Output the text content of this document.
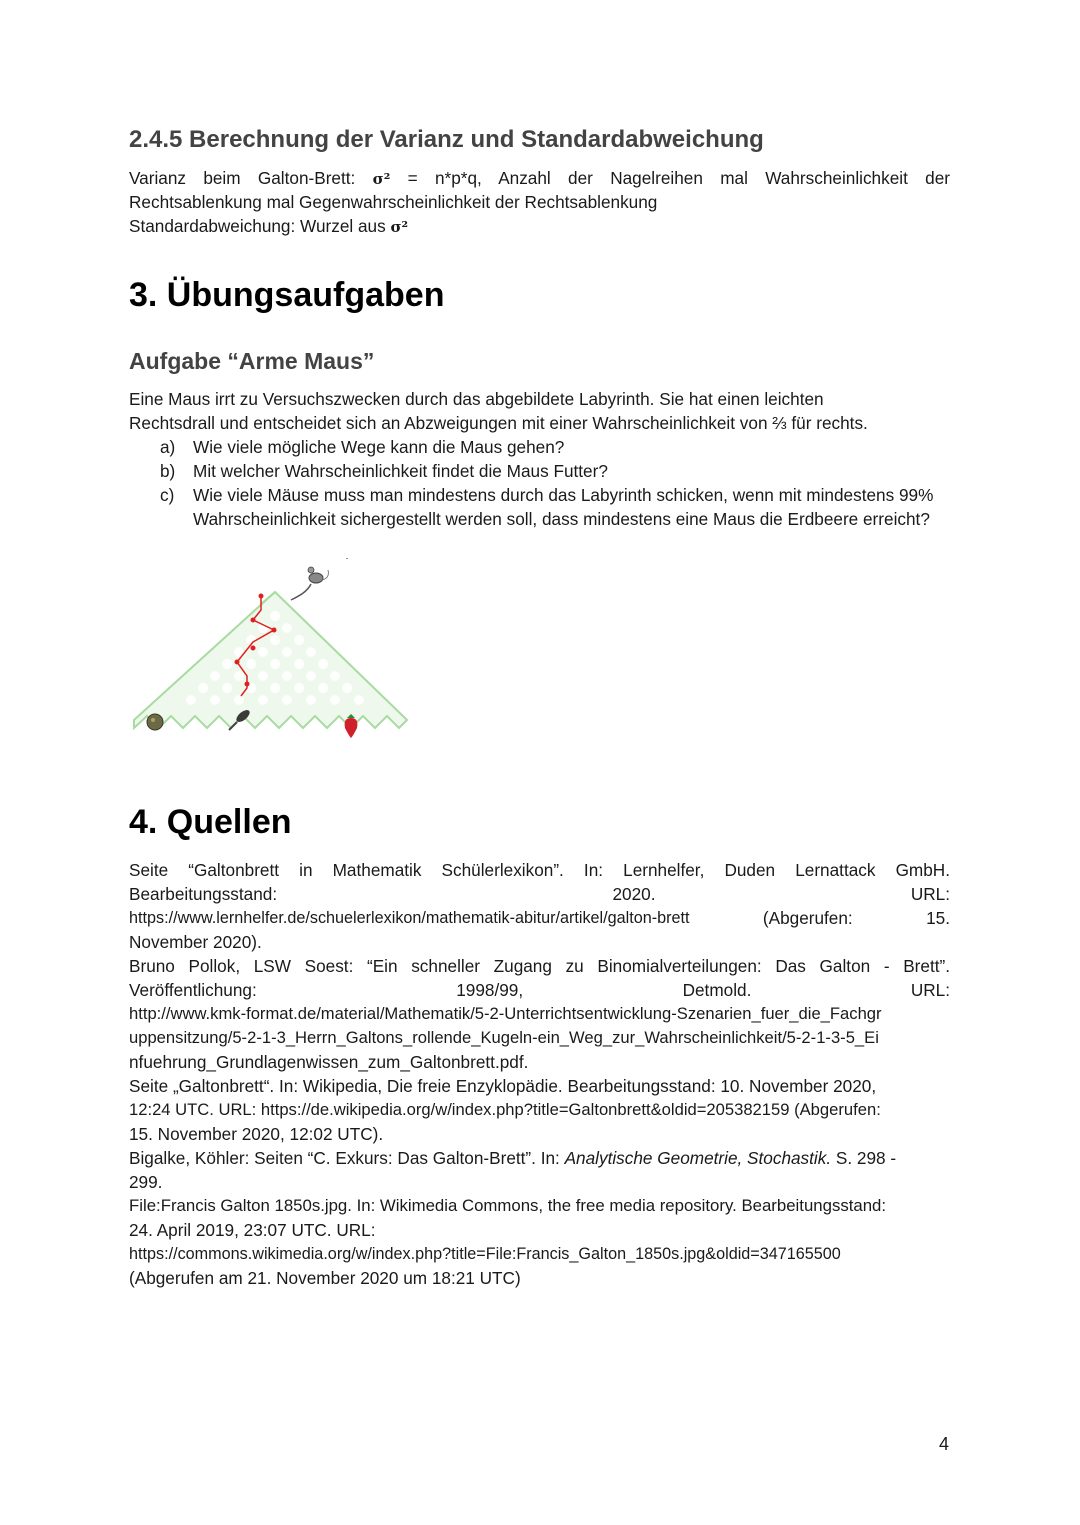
2.4.5 Berechnung der Varianz und Standardabweichung

Varianz beim Galton-Brett: σ² = n*p*q, Anzahl der Nagelreihen mal Wahrscheinlichkeit der

Rechtsablenkung mal Gegenwahrscheinlichkeit der Rechtsablenkung

Standardabweichung: Wurzel aus σ²

3. Übungsaufgaben
Aufgabe “Arme Maus”

Eine Maus irrt zu Versuchszwecken durch das abgebildete Labyrinth. Sie hat einen leichten

Rechtsdrall und entscheidet sich an Abzweigungen mit einer Wahrscheinlichkeit von ⅔ für rechts.

a) Wie viele mögliche Wege kann die Maus gehen?
b) Mit welcher Wahrscheinlichkeit findet die Maus Futter?
c) Wie viele Mäuse muss man mindestens durch das Labyrinth schicken, wenn mit mindestens 99% Wahrscheinlichkeit sichergestellt werden soll, dass mindestens eine Maus die Erdbeere erreicht?
4. Quellen
Seite “Galtonbrett in Mathematik Schülerlexikon”. In: Lernhelfer, Duden Lernattack GmbH.
Bearbeitungsstand:	2020.	URL:
https://www.lernhelfer.de/schuelerlexikon/mathematik-abitur/artikel/galton-brett	(Abgerufen:	15.
November 2020).
Bruno Pollok, LSW Soest: “Ein schneller Zugang zu Binomialverteilungen: Das Galton - Brett”.
Veröffentlichung:	1998/99,	Detmold.	URL:
http://www.kmk-format.de/material/Mathematik/5-2-Unterrichtsentwicklung-Szenarien_fuer_die_Fachgr
uppensitzung/5-2-1-3_Herrn_Galtons_rollende_Kugeln-ein_Weg_zur_Wahrscheinlichkeit/5-2-1-3-5_Ei
nfuehrung_Grundlagenwissen_zum_Galtonbrett.pdf.
Seite „Galtonbrett“. In: Wikipedia, Die freie Enzyklopädie. Bearbeitungsstand: 10. November 2020,
12:24 UTC. URL: https://de.wikipedia.org/w/index.php?title=Galtonbrett&oldid=205382159 (Abgerufen:
15. November 2020, 12:02 UTC).
Bigalke, Köhler: Seiten “C. Exkurs: Das Galton-Brett”. In: Analytische Geometrie, Stochastik. S. 298 -
299.
File:Francis Galton 1850s.jpg. In: Wikimedia Commons, the free media repository. Bearbeitungsstand:
24. April 2019, 23:07 UTC. URL:
https://commons.wikimedia.org/w/index.php?title=File:Francis_Galton_1850s.jpg&oldid=347165500
(Abgerufen am 21. November 2020 um 18:21 UTC)
4
